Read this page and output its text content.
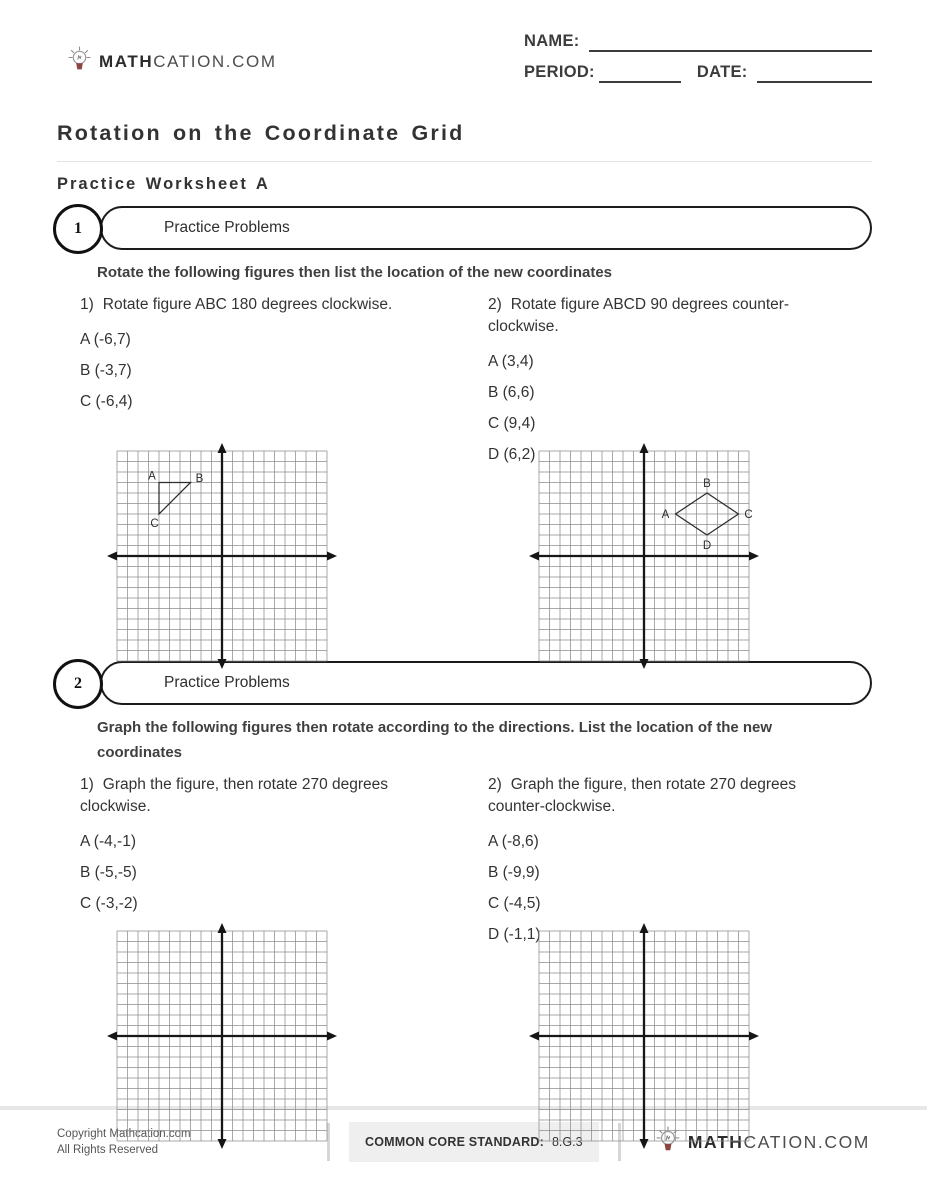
MATHCATION.COM
NAME:
PERIOD:	DATE:
Rotation on the Coordinate Grid
Practice Worksheet A
Practice Problems
1
Rotate the following figures then list the location of the new coordinates
1) Rotate figure ABC 180 degrees clockwise.
A (-6,7)
B (-3,7)
C (-6,4)
A	B
C
2) Rotate figure ABCD 90 degrees counter-clockwise.
A (3,4)
B (6,6)
C (9,4)
D (6,2)
A
B
C
D
Practice Problems
2
Graph the following figures then rotate according to the directions. List the location of the new coordinates
1) Graph the figure, then rotate 270 degrees clockwise.
A (-4,-1)
B (-5,-5)
C (-3,-2)
2) Graph the figure, then rotate 270 degrees counter-clockwise.
A (-8,6)
B (-9,9)
C (-4,5)
D (-1,1)
Copyright Mathcation.com
All Rights Reserved
COMMON CORE STANDARD: 8.G.3	MATHCATION.COM
